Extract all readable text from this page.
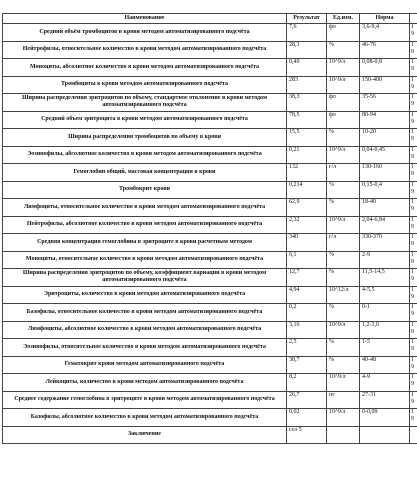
Наименование	Результат	Ед.изм.	Норма	
Средний объём тромбоцитов в крови методом автоматизированного подсчёта	7,6	фл	3,6-9,4	1 9
Нейтрофилы, относительное количество в крови методом автоматизированного подсчёта	28,3	%	46-76	1 9
Моноциты, абсолютное количество в крови методом автоматизированного подсчёта	0,49	10^9/л	0,08-0,8	1 9
Тромбоциты в крови методом автоматизированного подсчёта	283	10^9/л	150-400	1 9
Ширина распределения эритроцитов по объему, стандартное отклонение в крови методом автоматизированного подсчёта	38,3	фл	35-56	1 9
Средний объем эритроцита в крови методом автоматизированного подсчёта	78,5	фл	80-94	1 9
Ширина распределения тромбоцитов по объему в крови	15,5	%	10-20	1 9
Эозинофилы, абсолютное количество в крови методом автоматизированного подсчёта	0,21	10^9/л	0,04-0,45	1 9
Гемоглобин общий, массовая концентрация в крови	132	г/л	130-160	1 9
Тромбокрит крови	0,214	%	0,15-0,4	1 9
Лимфоциты, относительное количество в крови методом автоматизированного подсчёта	62,9	%	18-40	1 9
Нейтрофилы, абсолютное количество в крови методом автоматизированного подсчёта	2,32	10^9/л	2,04-6,84	1 9
Средняя концентрация гемоглобина в эритроците в крови расчетным методом	340	г/л	330-370	1 9
Моноциты, относительное количество в крови методом автоматизированного подсчёта	6,1	%	2-9	1 9
Ширина распределения эритроцитов по объему, коэффициент вариации в крови методом автоматизированного подсчёта	12,7	%	11,5-14,5	1 9
Эритроциты, количество в крови методом автоматизированного подсчёта	4,94	10^12/л	4-5,5	1 9
Базофилы, относительное количество в крови методом автоматизированного подсчёта	0,2	%	0-1	1 9
Лимфоциты, абсолютное количество в крови методом автоматизированного подсчёта	3,16	10^9/л	1,2-3,6	1 9
Эозинофилы, относительное количество в крови методом автоматизированного подсчёта	2,5	%	1-5	1 9
Гематокрит крови методом автоматизированного подсчёта	38,7	%	40-48	1 9
Лейкоциты, количество в крови методом автоматизированного подсчёта	8,2	10^9/л	4-9	1 9
Среднее содержание гемоглобина в эритроците в крови методом автоматизированного подсчёта	26,7	пг	27-31	1 9
Базофилы, абсолютное количество в крови методом автоматизированного подсчёта	0,02	10^9/л	0-0,09	1 9
Заключение	соэ 5			
